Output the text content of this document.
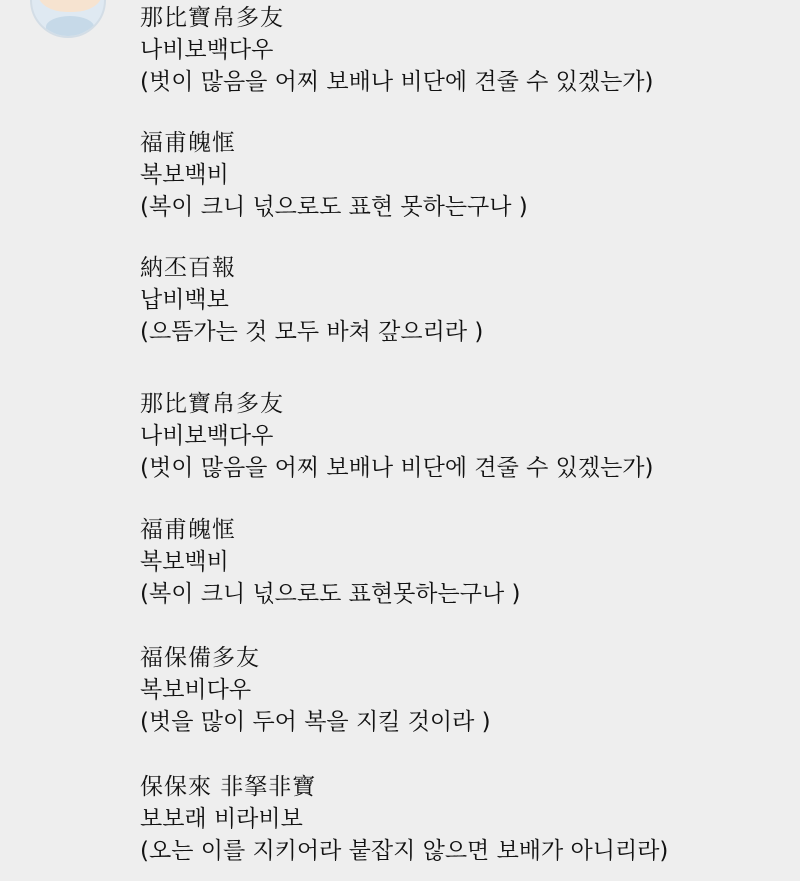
那比寶帛多友
나비보백다우
(벗이 많음을 어찌 보배나 비단에 견줄 수 있겠는가)
福甫魄恇
복보백비
(복이 크니 넋으로도 표현 못하는구나 )
納丕百報
납비백보
(으뜸가는 것 모두 바쳐 갚으리라 )
那比寶帛多友
나비보백다우
(벗이 많음을 어찌 보배나 비단에 견줄 수 있겠는가)
福甫魄恇
복보백비
(복이 크니 넋으로도 표현못하는구나 )
福保備多友
복보비다우
(벗을 많이 두어 복을 지킬 것이라 )
保保來 非拏非寶
보보래 비라비보
(오는 이를 지키어라 붙잡지 않으면 보배가 아니리라)
